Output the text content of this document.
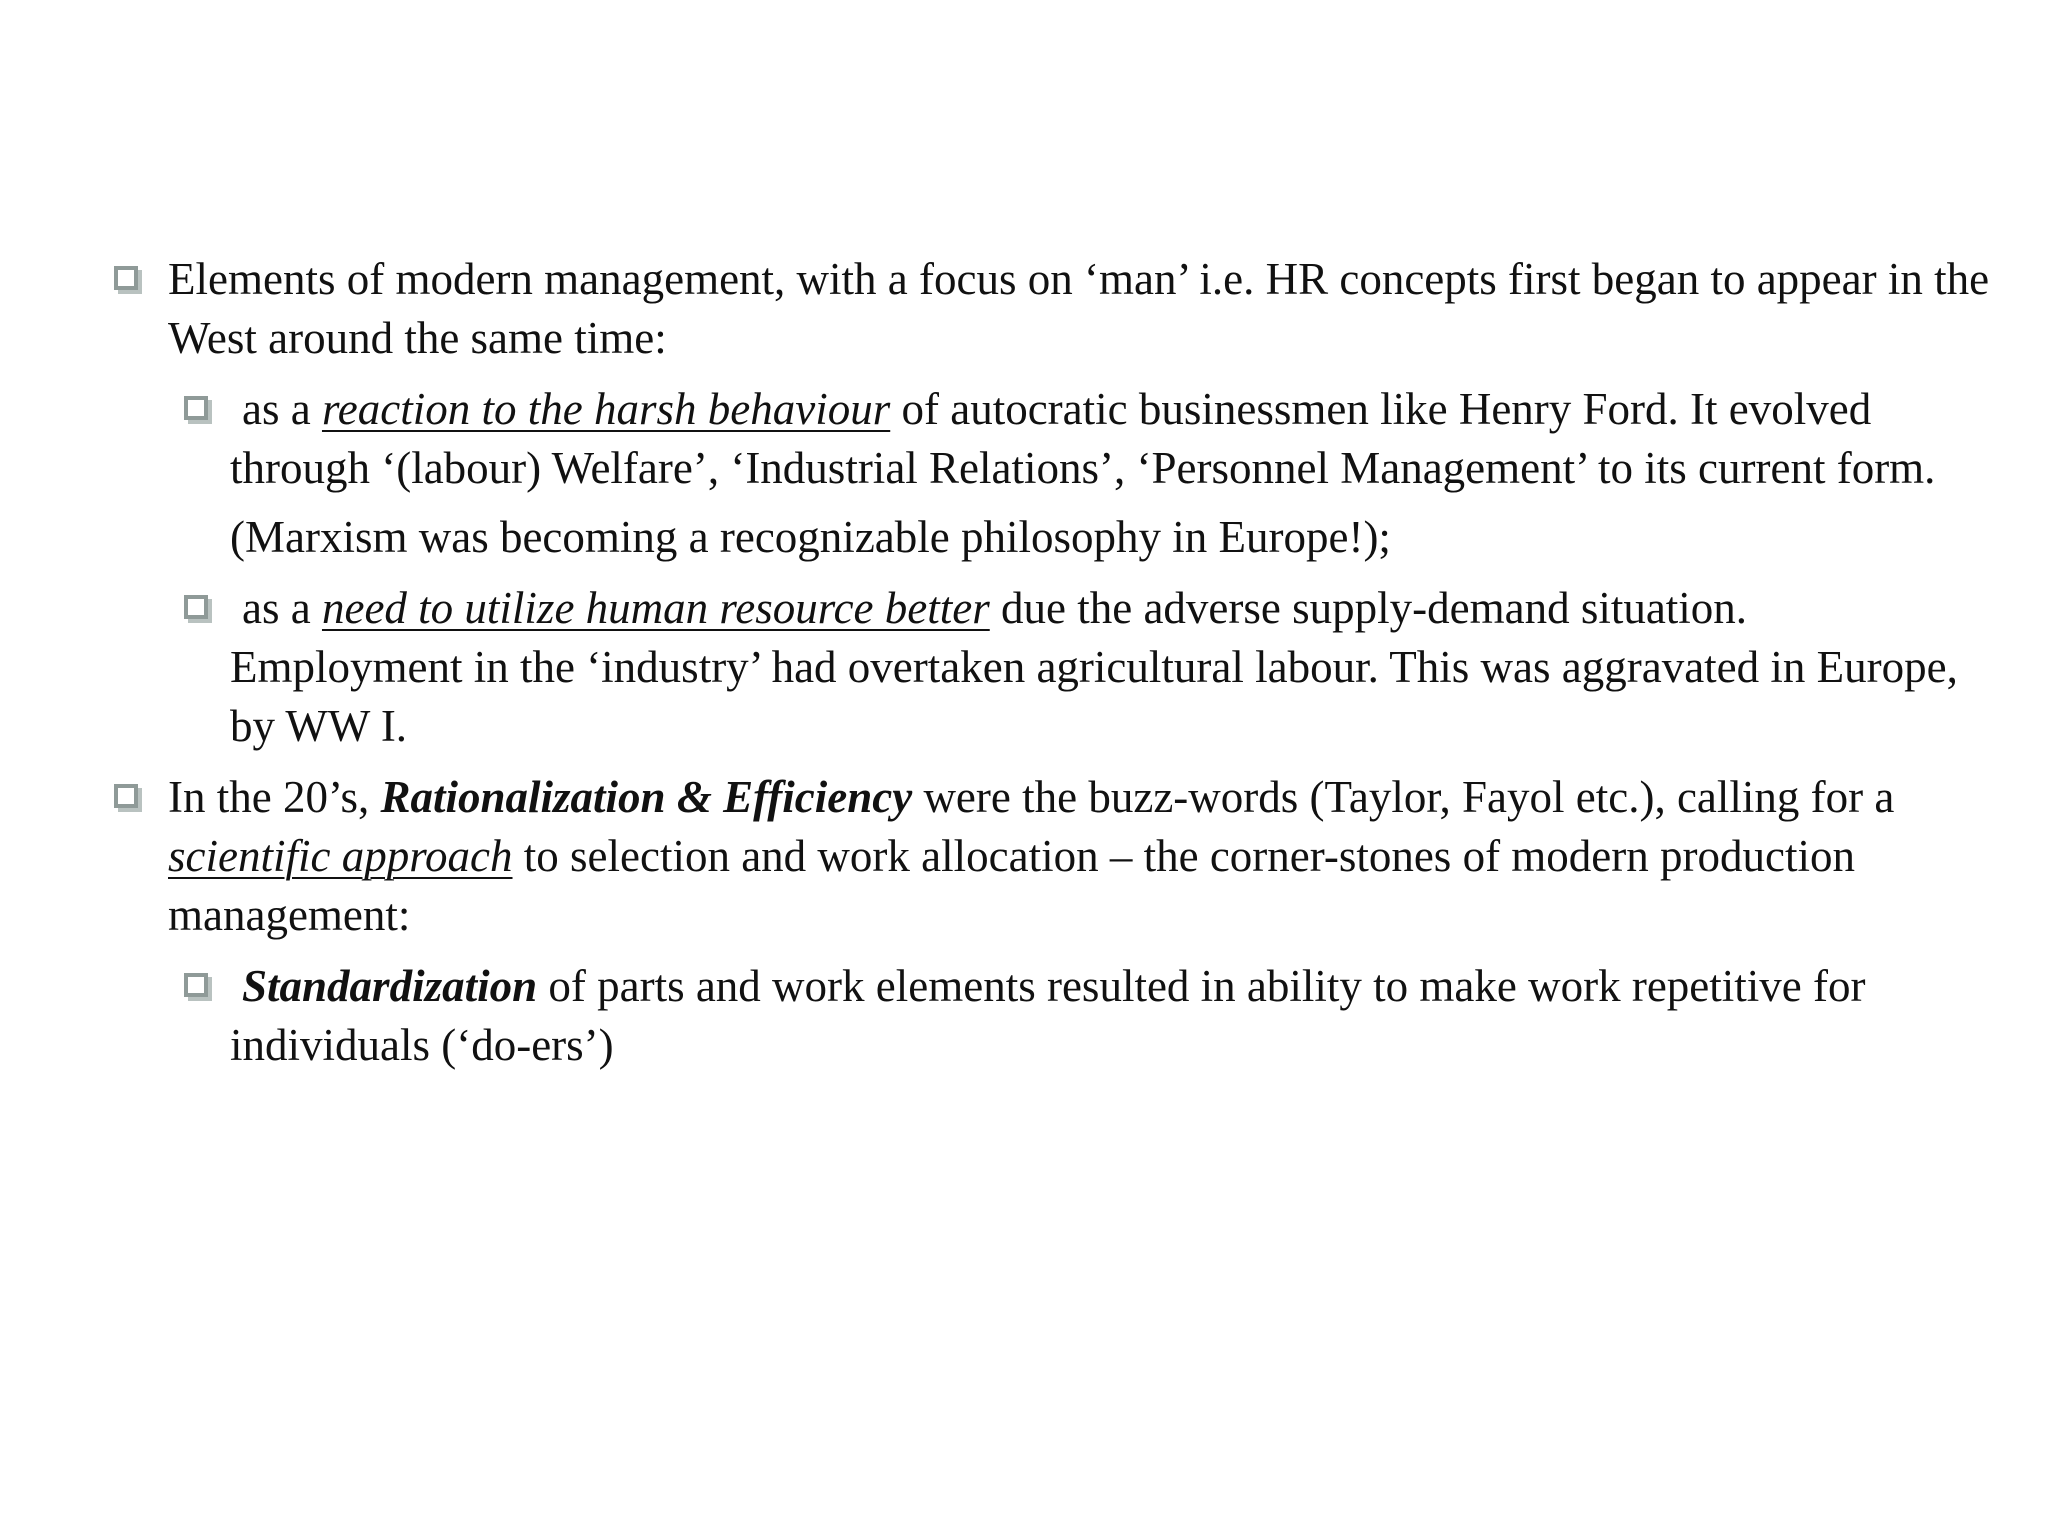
Elements of modern management, with a focus on ‘man’ i.e. HR concepts first began to appear in the West around the same time:

as a reaction to the harsh behaviour of autocratic businessmen like Henry Ford. It evolved through ‘(labour) Welfare’, ‘Industrial Relations’, ‘Personnel Management’ to its current form.

(Marxism was becoming a recognizable philosophy in Europe!);

as a need to utilize human resource better due the adverse supply-demand situation. Employment in the ‘industry’ had overtaken agricultural labour. This was aggravated in Europe, by WW I.

In the 20’s, Rationalization & Efficiency were the buzz-words (Taylor, Fayol etc.), calling for a scientific approach to selection and work allocation – the corner-stones of modern production management:

Standardization of parts and work elements resulted in ability to make work repetitive for individuals (‘do-ers’)
